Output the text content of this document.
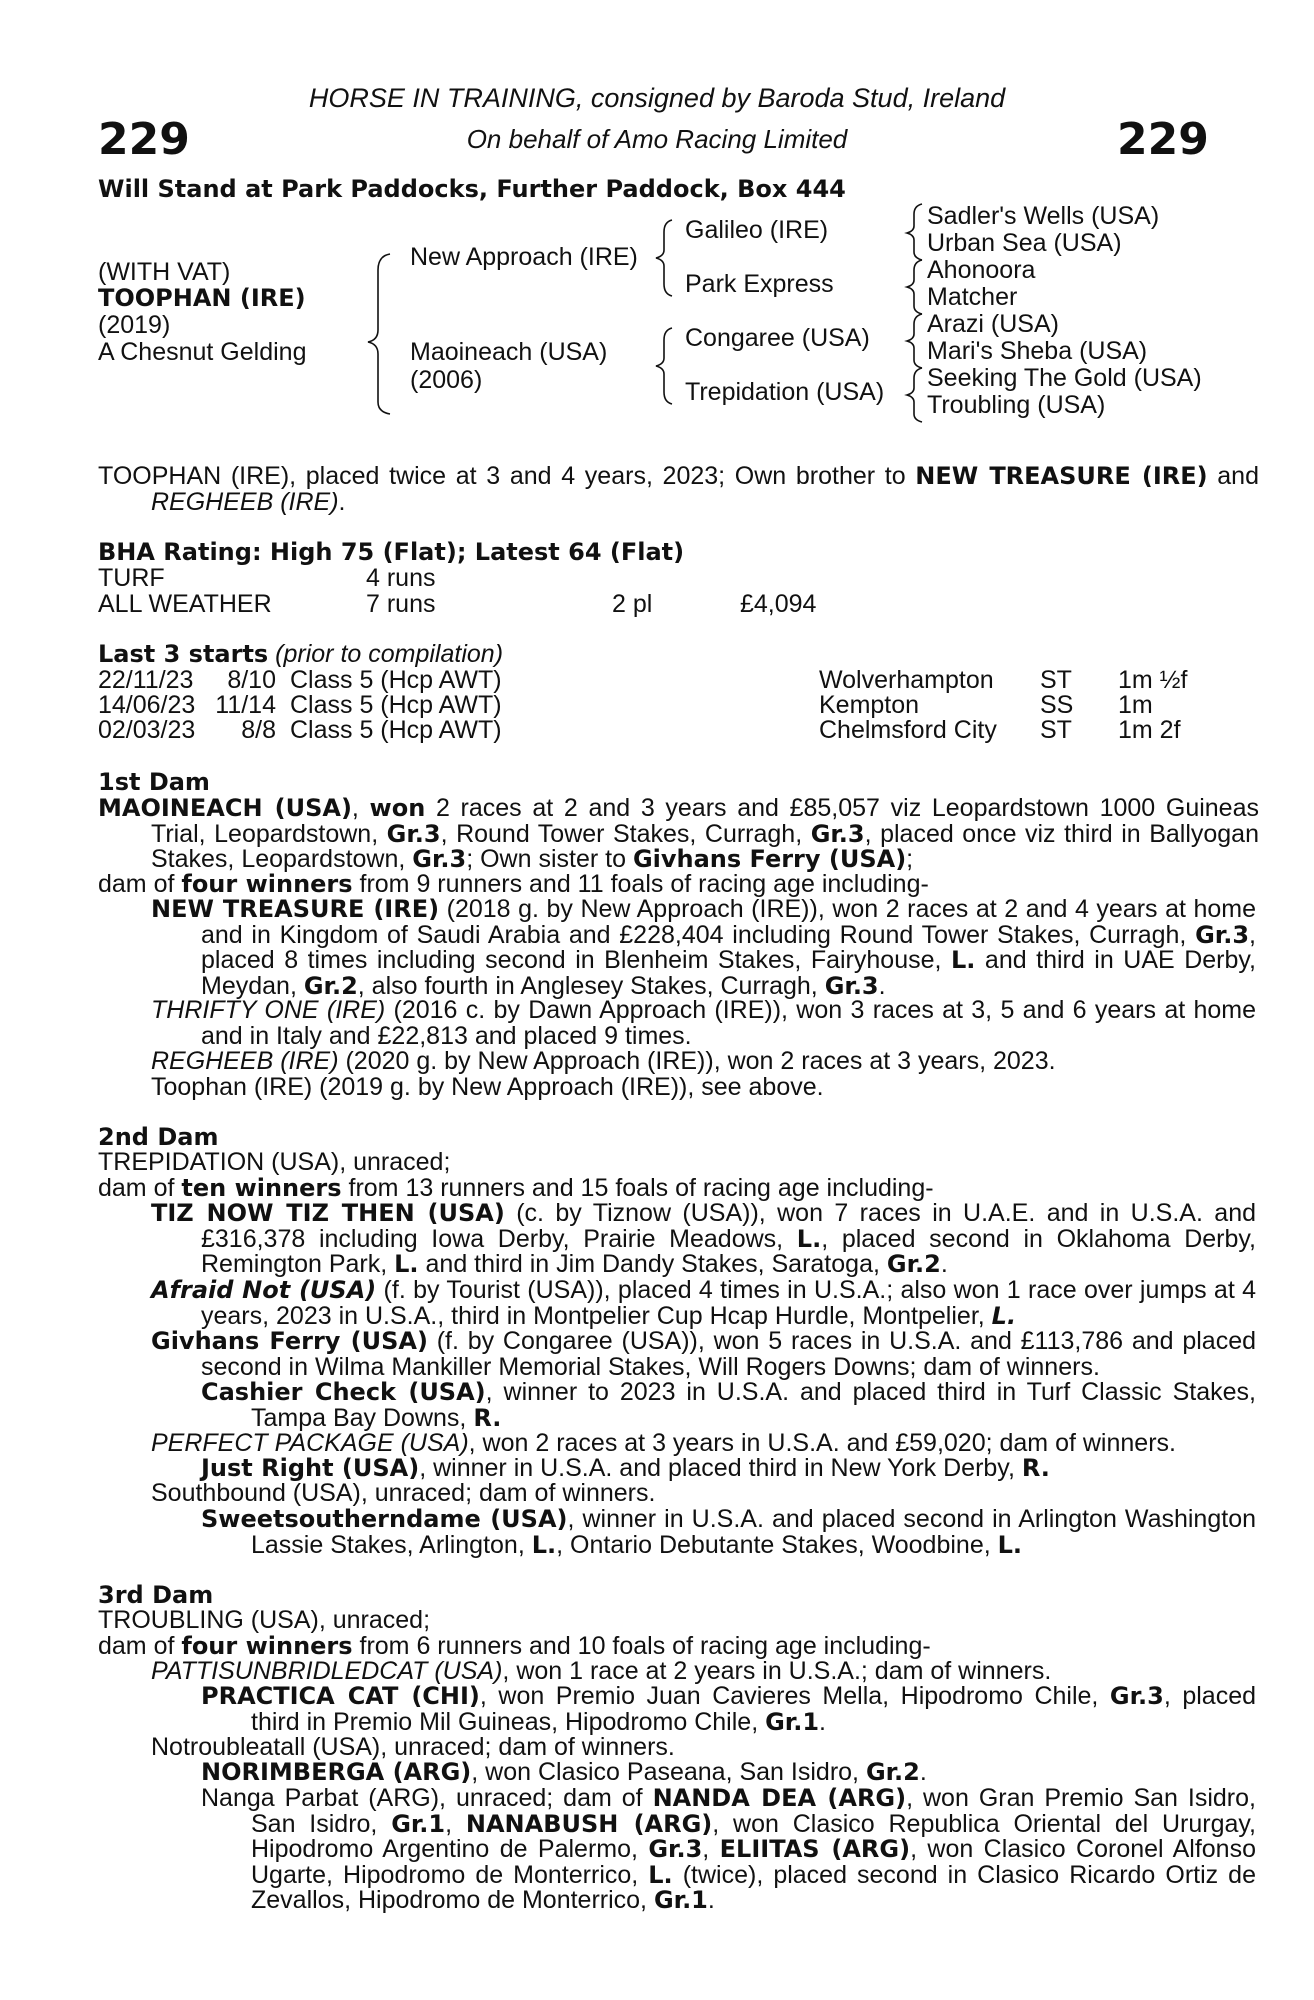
229	229
HORSE IN TRAINING, consigned by Baroda Stud, Ireland
On behalf of Amo Racing Limited
Will Stand at Park Paddocks, Further Paddock, Box 444
(WITH VAT)
TOOPHAN (IRE)
(2019)
A Chesnut Gelding
New Approach (IRE)
Maoineach (USA)
(2006)
Galileo (IRE)
Park Express
Congaree (USA)
Trepidation (USA)
Sadler's Wells (USA)
Urban Sea (USA)
Ahonoora
Matcher
Arazi (USA)
Mari's Sheba (USA)
Seeking The Gold (USA)
Troubling (USA)
TOOPHAN (IRE), placed twice at 3 and 4 years, 2023; Own brother to NEW TREASURE (IRE) and REGHEEB (IRE).
BHA Rating: High 75 (Flat); Latest 64 (Flat)
TURF	4 runs
ALL WEATHER	7 runs	2 pl	£4,094
Last 3 starts (prior to compilation)
22/11/23	8/10 Class 5 (Hcp AWT)	Wolverhampton ST 1m ½f
14/06/23 11/14 Class 5 (Hcp AWT)	Kempton	SS 1m
02/03/23	8/8 Class 5 (Hcp AWT)	Chelmsford City ST 1m 2f
1st Dam
MAOINEACH (USA), won 2 races at 2 and 3 years and £85,057 viz Leopardstown 1000 Guineas Trial, Leopardstown, Gr.3, Round Tower Stakes, Curragh, Gr.3, placed once viz third in Ballyogan Stakes, Leopardstown, Gr.3; Own sister to Givhans Ferry (USA);
dam of four winners from 9 runners and 11 foals of racing age including-
NEW TREASURE (IRE) (2018 g. by New Approach (IRE)), won 2 races at 2 and 4 years at home and in Kingdom of Saudi Arabia and £228,404 including Round Tower Stakes, Curragh, Gr.3, placed 8 times including second in Blenheim Stakes, Fairyhouse, L. and third in UAE Derby, Meydan, Gr.2, also fourth in Anglesey Stakes, Curragh, Gr.3.
THRIFTY ONE (IRE) (2016 c. by Dawn Approach (IRE)), won 3 races at 3, 5 and 6 years at home and in Italy and £22,813 and placed 9 times.
REGHEEB (IRE) (2020 g. by New Approach (IRE)), won 2 races at 3 years, 2023.
Toophan (IRE) (2019 g. by New Approach (IRE)), see above.
2nd Dam
TREPIDATION (USA), unraced;
dam of ten winners from 13 runners and 15 foals of racing age including-
TIZ NOW TIZ THEN (USA) (c. by Tiznow (USA)), won 7 races in U.A.E. and in U.S.A. and £316,378 including Iowa Derby, Prairie Meadows, L., placed second in Oklahoma Derby, Remington Park, L. and third in Jim Dandy Stakes, Saratoga, Gr.2.
Afraid Not (USA) (f. by Tourist (USA)), placed 4 times in U.S.A.; also won 1 race over jumps at 4 years, 2023 in U.S.A., third in Montpelier Cup Hcap Hurdle, Montpelier, L.
Givhans Ferry (USA) (f. by Congaree (USA)), won 5 races in U.S.A. and £113,786 and placed second in Wilma Mankiller Memorial Stakes, Will Rogers Downs; dam of winners.
Cashier Check (USA), winner to 2023 in U.S.A. and placed third in Turf Classic Stakes, Tampa Bay Downs, R.
PERFECT PACKAGE (USA), won 2 races at 3 years in U.S.A. and £59,020; dam of winners.
Just Right (USA), winner in U.S.A. and placed third in New York Derby, R.
Southbound (USA), unraced; dam of winners.
Sweetsoutherndame (USA), winner in U.S.A. and placed second in Arlington Washington Lassie Stakes, Arlington, L., Ontario Debutante Stakes, Woodbine, L.
3rd Dam
TROUBLING (USA), unraced;
dam of four winners from 6 runners and 10 foals of racing age including-
PATTISUNBRIDLEDCAT (USA), won 1 race at 2 years in U.S.A.; dam of winners.
PRACTICA CAT (CHI), won Premio Juan Cavieres Mella, Hipodromo Chile, Gr.3, placed third in Premio Mil Guineas, Hipodromo Chile, Gr.1.
Notroubleatall (USA), unraced; dam of winners.
NORIMBERGA (ARG), won Clasico Paseana, San Isidro, Gr.2.
Nanga Parbat (ARG), unraced; dam of NANDA DEA (ARG), won Gran Premio San Isidro, San Isidro, Gr.1, NANABUSH (ARG), won Clasico Republica Oriental del Ururgay, Hipodromo Argentino de Palermo, Gr.3, ELIITAS (ARG), won Clasico Coronel Alfonso Ugarte, Hipodromo de Monterrico, L. (twice), placed second in Clasico Ricardo Ortiz de Zevallos, Hipodromo de Monterrico, Gr.1.
